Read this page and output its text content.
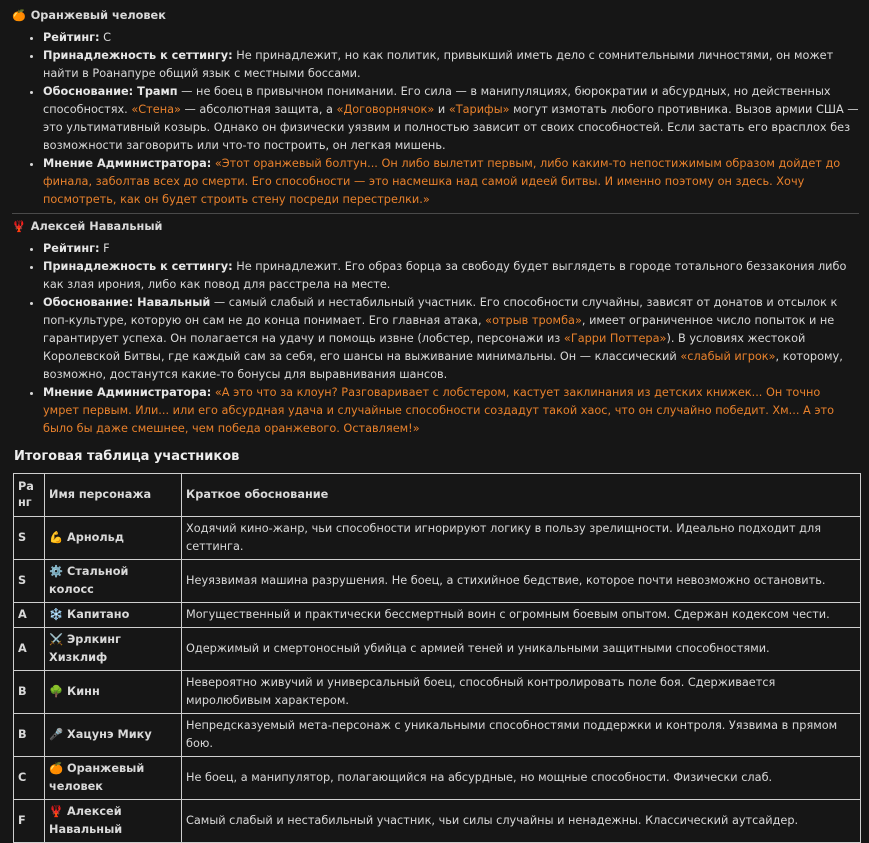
🍊 Оранжевый человек
• Рейтинг: C
• Принадлежность к сеттингу: Не принадлежит, но как политик, привыкший иметь дело с сомнительными личностями, он может найти в Роанапуре общий язык с местными боссами.
• Обоснование: Трамп — не боец в привычном понимании. Его сила — в манипуляциях, бюрократии и абсурдных, но действенных способностях. «Стена» — абсолютная защита, а «Договорнячок» и «Тарифы» могут измотать любого противника. Вызов армии США — это ультимативный козырь. Однако он физически уязвим и полностью зависит от своих способностей. Если застать его врасплох без возможности заговорить или что-то построить, он легкая мишень.
• Мнение Администратора: «Этот оранжевый болтун... Он либо вылетит первым, либо каким-то непостижимым образом дойдет до финала, заболтав всех до смерти. Его способности — это насмешка над самой идеей битвы. И именно поэтому он здесь. Хочу посмотреть, как он будет строить стену посреди перестрелки.»
🦞 Алексей Навальный
• Рейтинг: F
• Принадлежность к сеттингу: Не принадлежит. Его образ борца за свободу будет выглядеть в городе тотального беззакония либо как злая ирония, либо как повод для расстрела на месте.
• Обоснование: Навальный — самый слабый и нестабильный участник. Его способности случайны, зависят от донатов и отсылок к поп-культуре, которую он сам не до конца понимает. Его главная атака, «отрыв тромба», имеет ограниченное число попыток и не гарантирует успеха. Он полагается на удачу и помощь извне (лобстер, персонажи из «Гарри Поттера»). В условиях жестокой Королевской Битвы, где каждый сам за себя, его шансы на выживание минимальны. Он — классический «слабый игрок», которому, возможно, достанутся какие-то бонусы для выравнивания шансов.
• Мнение Администратора: «А это что за клоун? Разговаривает с лобстером, кастует заклинания из детских книжек... Он точно умрет первым. Или... или его абсурдная удача и случайные способности создадут такой хаос, что он случайно победит. Хм... А это было бы даже смешнее, чем победа оранжевого. Оставляем!»
Итоговая таблица участников
Ранг	Имя персонажа	Краткое обоснование
S	💪 Арнольд	Ходячий кино-жанр, чьи способности игнорируют логику в пользу зрелищности. Идеально подходит для сеттинга.
S	⚙️ Стальной колосс	Неуязвимая машина разрушения. Не боец, а стихийное бедствие, которое почти невозможно остановить.
A	❄️ Капитано	Могущественный и практически бессмертный воин с огромным боевым опытом. Сдержан кодексом чести.
A	⚔️ Эрлкинг Хизклиф	Одержимый и смертоносный убийца с армией теней и уникальными защитными способностями.
B	🌳 Кинн	Невероятно живучий и универсальный боец, способный контролировать поле боя. Сдерживается миролюбивым характером.
B	🎤 Хацунэ Мику	Непредсказуемый мета-персонаж с уникальными способностями поддержки и контроля. Уязвима в прямом бою.
C	🍊 Оранжевый человек	Не боец, а манипулятор, полагающийся на абсурдные, но мощные способности. Физически слаб.
F	🦞 Алексей Навальный	Самый слабый и нестабильный участник, чьи силы случайны и ненадежны. Классический аутсайдер.
